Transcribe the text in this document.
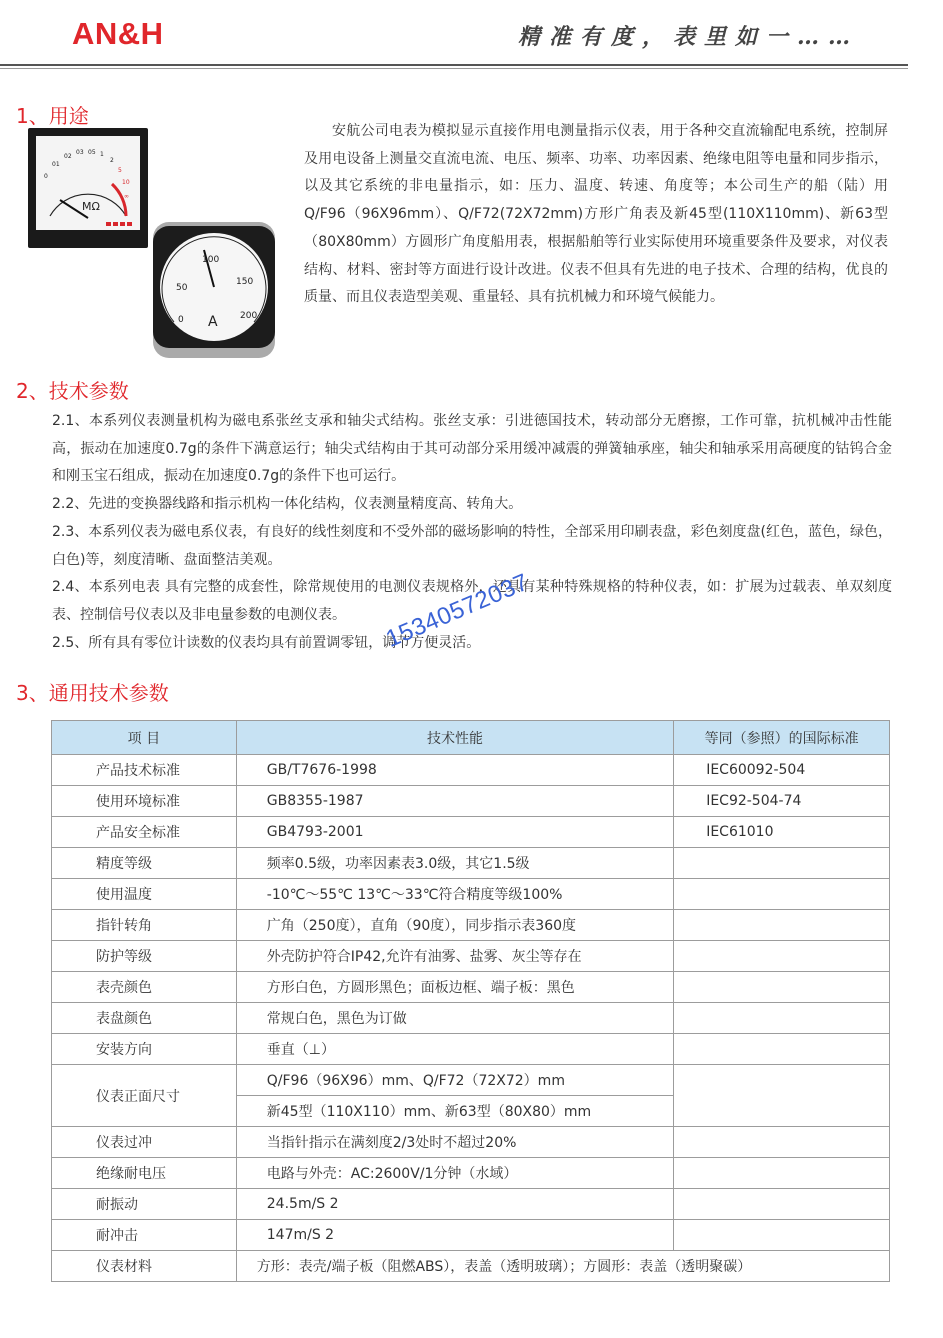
AN&H	精准有度，表里如一……
1、用途
0
01
02
03 05 1
2
5
10
∞
MΩ
0
50
100
150
200
A
安航公司电表为模拟显示直接作用电测量指示仪表，用于各种交直流输配电系统，控制屏及用电设备上测量交直流电流、电压、频率、功率、功率因素、绝缘电阻等电量和同步指示，以及其它系统的非电量指示，如：压力、温度、转速、角度等；本公司生产的船（陆）用Q/F96（96X96mm）、Q/F72(72X72mm)方形广角表及新45型(110X110mm)、新63型（80X80mm）方圆形广角度船用表，根据船舶等行业实际使用环境重要条件及要求，对仪表结构、材料、密封等方面进行设计改进。仪表不但具有先进的电子技术、合理的结构，优良的质量、而且仪表造型美观、重量轻、具有抗机械力和环境气候能力。
2、技术参数

2.1、本系列仪表测量机构为磁电系张丝支承和轴尖式结构。张丝支承：引进德国技术，转动部分无磨擦，工作可靠，抗机械冲击性能高，振动在加速度0.7g的条件下满意运行；轴尖式结构由于其可动部分采用缓冲减震的弹簧轴承座，轴尖和轴承采用高硬度的钴钨合金和刚玉宝石组成，振动在加速度0.7g的条件下也可运行。

2.2、先进的变换器线路和指示机构一体化结构，仪表测量精度高、转角大。

2.3、本系列仪表为磁电系仪表，有良好的线性刻度和不受外部的磁场影响的特性，全部采用印刷表盘，彩色刻度盘(红色，蓝色，绿色，白色)等，刻度清晰、盘面整洁美观。

2.4、本系列电表 具有完整的成套性，除常规使用的电测仪表规格外，还具有某种特殊规格的特种仪表，如：扩展为过载表、单双刻度表、控制信号仪表以及非电量参数的电测仪表。

2.5、所有具有零位计读数的仪表均具有前置调零钮，调节方便灵活。

3、通用技术参数
项 目	技术性能	等同（参照）的国际标准
产品技术标准	GB/T7676-1998	IEC60092-504
使用环境标准	GB8355-1987	IEC92-504-74
产品安全标准	GB4793-2001	IEC61010
精度等级	频率0.5级，功率因素表3.0级，其它1.5级	
使用温度	-10℃～55℃ 13℃～33℃符合精度等级100%	
指针转角	广角（250度），直角（90度），同步指示表360度	
防护等级	外壳防护符合IP42,允许有油雾、盐雾、灰尘等存在	
表壳颜色	方形白色，方圆形黑色；面板边框、端子板：黑色	
表盘颜色	常规白色，黑色为订做	
安装方向	垂直（⊥）	
仪表正面尺寸	Q/F96（96X96）mm、Q/F72（72X72）mm	
	新45型（110X110）mm、新63型（80X80）mm	
仪表过冲	当指针指示在满刻度2/3处时不超过20%	
绝缘耐电压	电路与外壳：AC:2600V/1分钟（水域）	
耐振动	24.5m/S 2	
耐冲击	147m/S 2	
仪表材料	方形：表壳/端子板（阻燃ABS），表盖（透明玻璃）；方圆形：表盖（透明聚碳）	
15340572037
